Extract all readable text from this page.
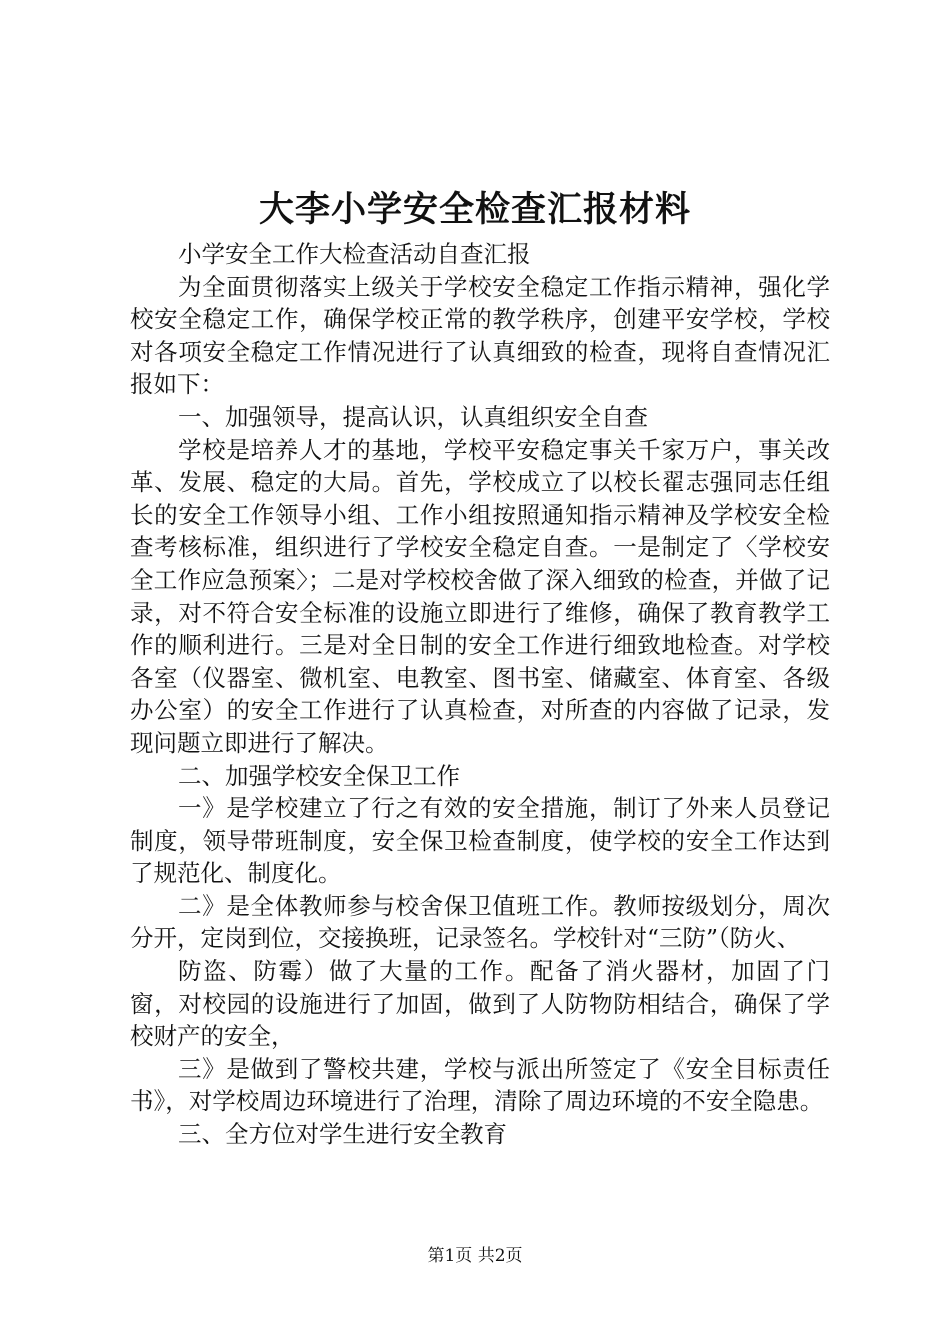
大李小学安全检查汇报材料

小学安全工作大检查活动自查汇报

为全面贯彻落实上级关于学校安全稳定工作指示精神，强化学校安全稳定工作，确保学校正常的教学秩序，创建平安学校，学校对各项安全稳定工作情况进行了认真细致的检查，现将自查情况汇报如下：

一、加强领导，提高认识，认真组织安全自查

学校是培养人才的基地，学校平安稳定事关千家万户，事关改革、发展、稳定的大局。首先，学校成立了以校长翟志强同志任组长的安全工作领导小组、工作小组按照通知指示精神及学校安全检查考核标准，组织进行了学校安全稳定自查。一是制定了〈学校安全工作应急预案〉；二是对学校校舍做了深入细致的检查，并做了记录，对不符合安全标准的设施立即进行了维修，确保了教育教学工作的顺利进行。三是对全日制的安全工作进行细致地检查。对学校各室（仪器室、微机室、电教室、图书室、储藏室、体育室、各级办公室）的安全工作进行了认真检查，对所查的内容做了记录，发现问题立即进行了解决。

二、加强学校安全保卫工作

一》是学校建立了行之有效的安全措施，制订了外来人员登记制度，领导带班制度，安全保卫检查制度，使学校的安全工作达到了规范化、制度化。

二》是全体教师参与校舍保卫值班工作。教师按级划分，周次分开，定岗到位，交接换班，记录签名。学校针对“三防”（防火、

防盗、防霉）做了大量的工作。配备了消火器材，加固了门窗，对校园的设施进行了加固，做到了人防物防相结合，确保了学校财产的安全，

三》是做到了警校共建，学校与派出所签定了《安全目标责任书》，对学校周边环境进行了治理，清除了周边环境的不安全隐患。

三、全方位对学生进行安全教育

第1页 共2页
